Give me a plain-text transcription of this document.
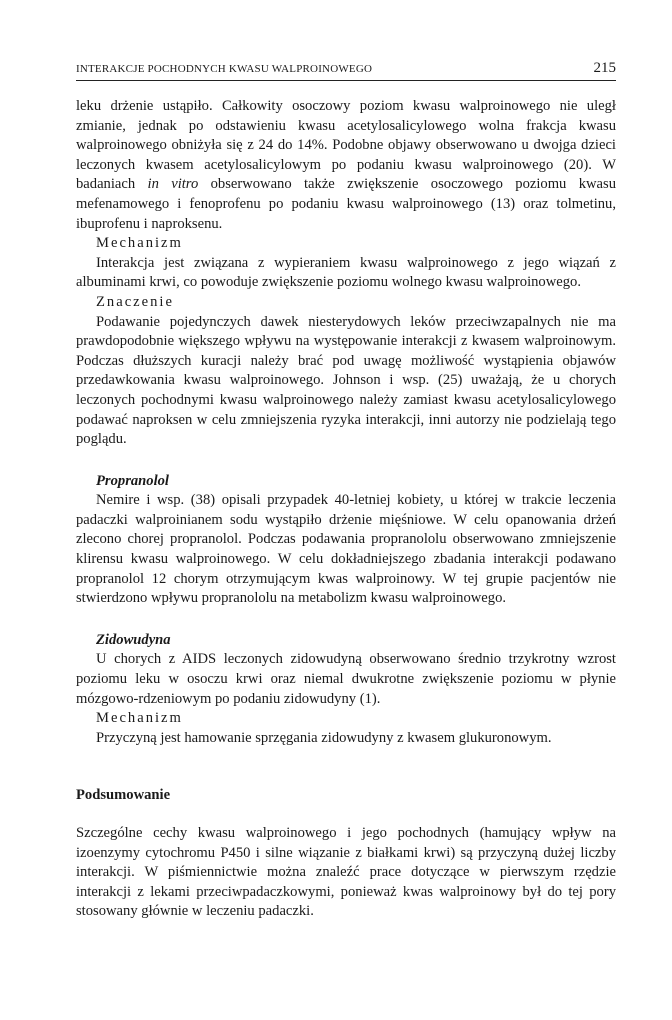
INTERAKCJE POCHODNYCH KWASU WALPROINOWEGO	215

leku drżenie ustąpiło. Całkowity osoczowy poziom kwasu walproinowego nie uległ zmianie, jednak po odstawieniu kwasu acetylosalicylowego wolna frakcja kwasu walproinowego obniżyła się z 24 do 14%. Podobne objawy obserwowano u dwojga dzieci leczonych kwasem acetylosalicylowym po podaniu kwasu walproinowego (20). W badaniach in vitro obserwowano także zwiększenie osoczowego poziomu kwasu mefenamowego i fenoprofenu po podaniu kwasu walproinowego (13) oraz tolmetinu, ibuprofenu i naproksenu.

Mechanizm

Interakcja jest związana z wypieraniem kwasu walproinowego z jego wiązań z albuminami krwi, co powoduje zwiększenie poziomu wolnego kwasu walproinowego.

Znaczenie

Podawanie pojedynczych dawek niesterydowych leków przeciwzapalnych nie ma prawdopodobnie większego wpływu na występowanie interakcji z kwasem walproinowym. Podczas dłuższych kuracji należy brać pod uwagę możliwość wystąpienia objawów przedawkowania kwasu walproinowego. Johnson i wsp. (25) uważają, że u chorych leczonych pochodnymi kwasu walproinowego należy zamiast kwasu acetylosalicylowego podawać naproksen w celu zmniejszenia ryzyka interakcji, inni autorzy nie podzielają tego poglądu.

Propranolol

Nemire i wsp. (38) opisali przypadek 40-letniej kobiety, u której w trakcie leczenia padaczki walproinianem sodu wystąpiło drżenie mięśniowe. W celu opanowania drżeń zlecono chorej propranolol. Podczas podawania propranololu obserwowano zmniejszenie klirensu kwasu walproinowego. W celu dokładniejszego zbadania interakcji podawano propranolol 12 chorym otrzymującym kwas walproinowy. W tej grupie pacjentów nie stwierdzono wpływu propranololu na metabolizm kwasu walproinowego.

Zidowudyna

U chorych z AIDS leczonych zidowudyną obserwowano średnio trzykrotny wzrost poziomu leku w osoczu krwi oraz niemal dwukrotne zwiększenie poziomu w płynie mózgowo-rdzeniowym po podaniu zidowudyny (1).

Mechanizm

Przyczyną jest hamowanie sprzęgania zidowudyny z kwasem glukuronowym.

Podsumowanie

Szczególne cechy kwasu walproinowego i jego pochodnych (hamujący wpływ na izoenzymy cytochromu P450 i silne wiązanie z białkami krwi) są przyczyną dużej liczby interakcji. W piśmiennictwie można znaleźć prace dotyczące w pierwszym rzędzie interakcji z lekami przeciwpadaczkowymi, ponieważ kwas walproinowy był do tej pory stosowany głównie w leczeniu padaczki.
